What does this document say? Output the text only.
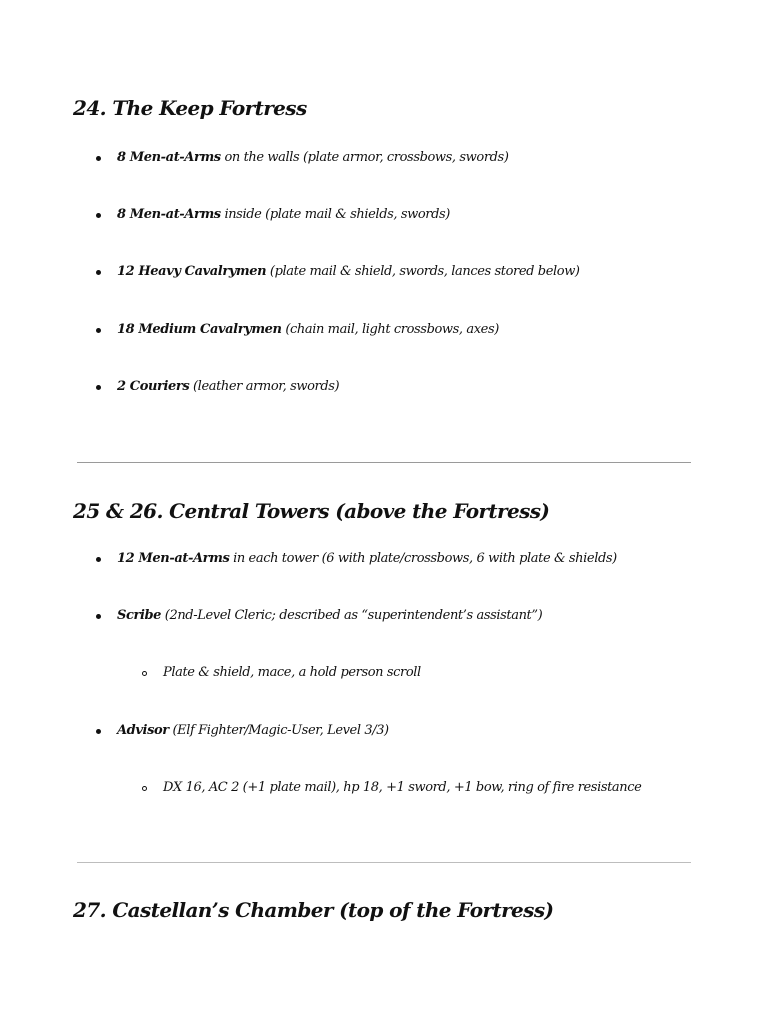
24. The Keep Fortress
8 Men-at-Arms on the walls (plate armor, crossbows, swords)
8 Men-at-Arms inside (plate mail & shields, swords)
12 Heavy Cavalrymen (plate mail & shield, swords, lances stored below)
18 Medium Cavalrymen (chain mail, light crossbows, axes)
2 Couriers (leather armor, swords)
25 & 26. Central Towers (above the Fortress)
12 Men-at-Arms in each tower (6 with plate/crossbows, 6 with plate & shields)
Scribe (2nd-Level Cleric; described as “superintendent’s assistant”)
Plate & shield, mace, a hold person scroll
Advisor (Elf Fighter/Magic-User, Level 3/3)
DX 16, AC 2 (+1 plate mail), hp 18, +1 sword, +1 bow, ring of fire resistance
27. Castellan’s Chamber (top of the Fortress)
